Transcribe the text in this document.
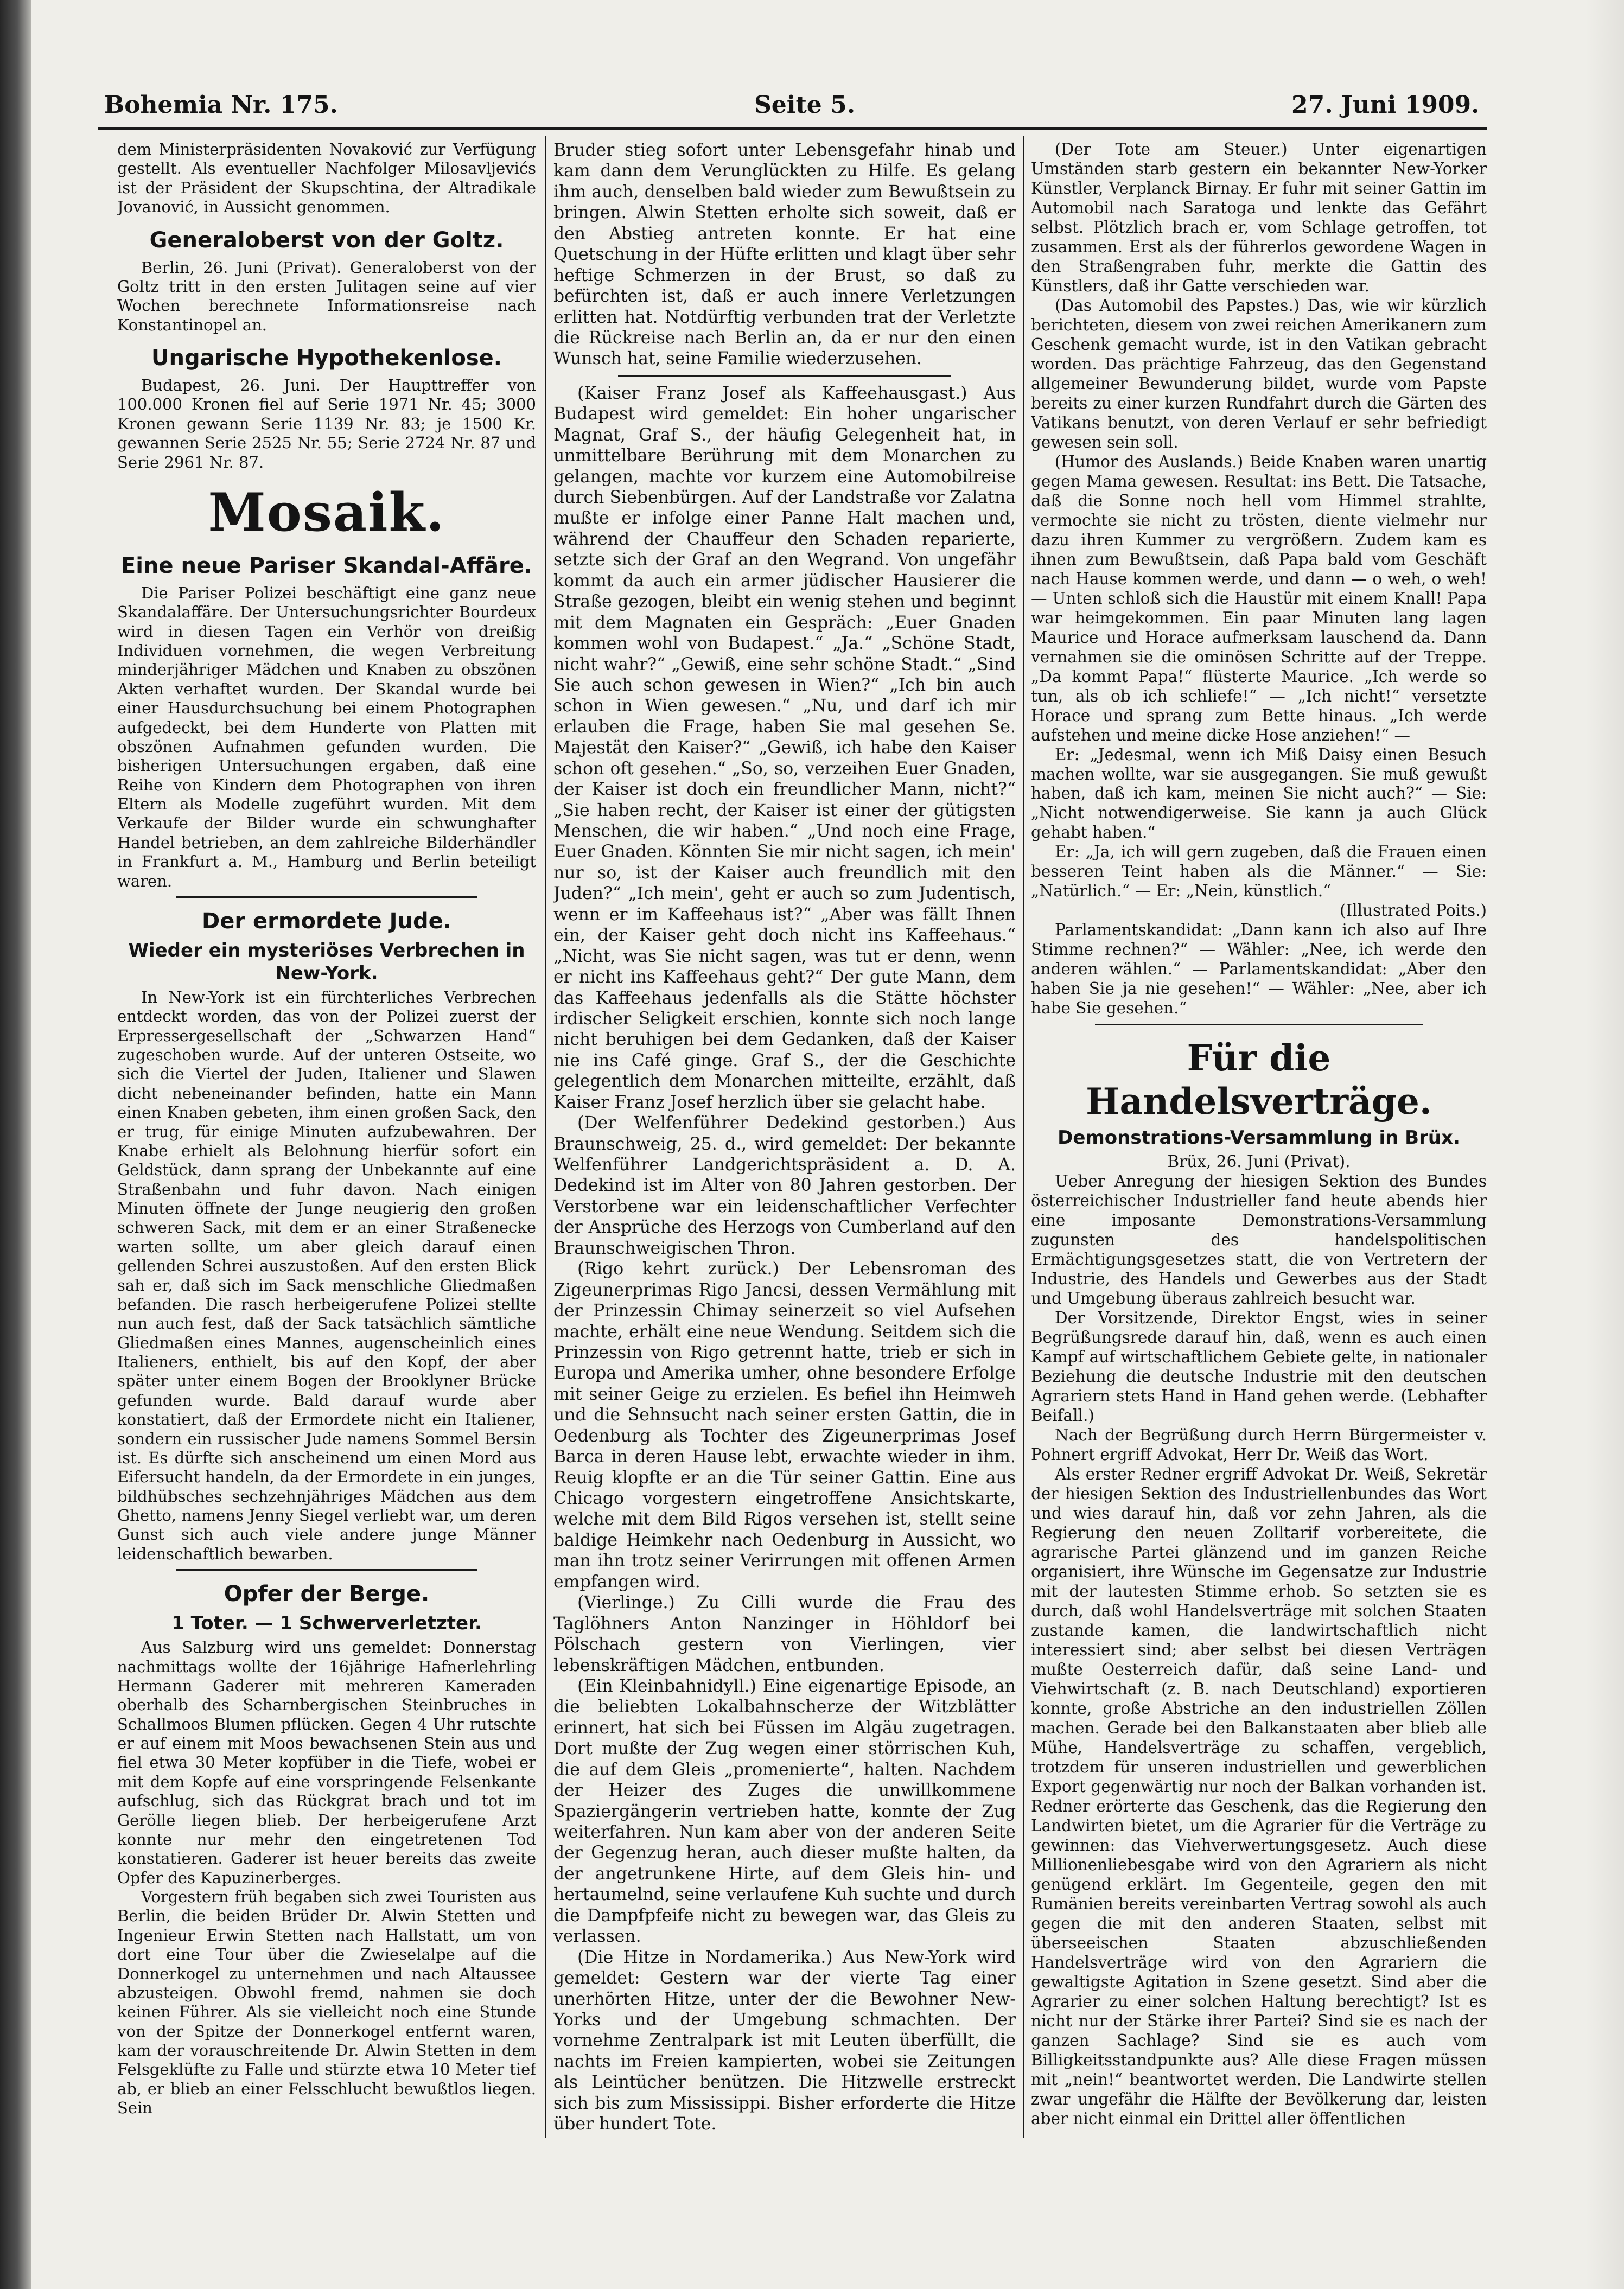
Bohemia Nr. 175.	Seite 5.	27. Juni 1909.

dem Ministerpräsidenten Novaković zur Verfügung gestellt. Als eventueller Nachfolger Milosavljevićs ist der Präsident der Skupschtina, der Altradikale Jovanović, in Aussicht genommen.

Generaloberst von der Goltz.

Berlin, 26. Juni (Privat). Generaloberst von der Goltz tritt in den ersten Julitagen seine auf vier Wochen berechnete Informationsreise nach Konstantinopel an.

Ungarische Hypothekenlose.

Budapest, 26. Juni. Der Haupttreffer von 100.000 Kronen fiel auf Serie 1971 Nr. 45; 3000 Kronen gewann Serie 1139 Nr. 83; je 1500 Kr. gewannen Serie 2525 Nr. 55; Serie 2724 Nr. 87 und Serie 2961 Nr. 87.

Mosaik.
Eine neue Pariser Skandal-Affäre.

Die Pariser Polizei beschäftigt eine ganz neue Skandalaffäre. Der Untersuchungsrichter Bourdeux wird in diesen Tagen ein Verhör von dreißig Individuen vornehmen, die wegen Verbreitung minderjähriger Mädchen und Knaben zu obszönen Akten verhaftet wurden. Der Skandal wurde bei einer Hausdurchsuchung bei einem Photographen aufgedeckt, bei dem Hunderte von Platten mit obszönen Aufnahmen gefunden wurden. Die bisherigen Untersuchungen ergaben, daß eine Reihe von Kindern dem Photographen von ihren Eltern als Modelle zugeführt wurden. Mit dem Verkaufe der Bilder wurde ein schwunghafter Handel betrieben, an dem zahlreiche Bilderhändler in Frankfurt a. M., Hamburg und Berlin beteiligt waren.

Der ermordete Jude.
Wieder ein mysteriöses Verbrechen in New-York.

In New-York ist ein fürchterliches Verbrechen entdeckt worden, das von der Polizei zuerst der Erpressergesellschaft der „Schwarzen Hand“ zugeschoben wurde. Auf der unteren Ostseite, wo sich die Viertel der Juden, Italiener und Slawen dicht nebeneinander befinden, hatte ein Mann einen Knaben gebeten, ihm einen großen Sack, den er trug, für einige Minuten aufzubewahren. Der Knabe erhielt als Belohnung hierfür sofort ein Geldstück, dann sprang der Unbekannte auf eine Straßenbahn und fuhr davon. Nach einigen Minuten öffnete der Junge neugierig den großen schweren Sack, mit dem er an einer Straßenecke warten sollte, um aber gleich darauf einen gellenden Schrei auszustoßen. Auf den ersten Blick sah er, daß sich im Sack menschliche Gliedmaßen befanden. Die rasch herbeigerufene Polizei stellte nun auch fest, daß der Sack tatsächlich sämtliche Gliedmaßen eines Mannes, augenscheinlich eines Italieners, enthielt, bis auf den Kopf, der aber später unter einem Bogen der Brooklyner Brücke gefunden wurde. Bald darauf wurde aber konstatiert, daß der Ermordete nicht ein Italiener, sondern ein russischer Jude namens Sommel Bersin ist. Es dürfte sich anscheinend um einen Mord aus Eifersucht handeln, da der Ermordete in ein junges, bildhübsches sechzehnjähriges Mädchen aus dem Ghetto, namens Jenny Siegel verliebt war, um deren Gunst sich auch viele andere junge Männer leidenschaftlich bewarben.

Opfer der Berge.
1 Toter. — 1 Schwerverletzter.

Aus Salzburg wird uns gemeldet: Donnerstag nachmittags wollte der 16jährige Hafnerlehrling Hermann Gaderer mit mehreren Kameraden oberhalb des Scharnbergischen Steinbruches in Schallmoos Blumen pflücken. Gegen 4 Uhr rutschte er auf einem mit Moos bewachsenen Stein aus und fiel etwa 30 Meter kopfüber in die Tiefe, wobei er mit dem Kopfe auf eine vorspringende Felsenkante aufschlug, sich das Rückgrat brach und tot im Gerölle liegen blieb. Der herbeigerufene Arzt konnte nur mehr den eingetretenen Tod konstatieren. Gaderer ist heuer bereits das zweite Opfer des Kapuzinerberges.

Vorgestern früh begaben sich zwei Touristen aus Berlin, die beiden Brüder Dr. Alwin Stetten und Ingenieur Erwin Stetten nach Hallstatt, um von dort eine Tour über die Zwieselalpe auf die Donnerkogel zu unternehmen und nach Altaussee abzusteigen. Obwohl fremd, nahmen sie doch keinen Führer. Als sie vielleicht noch eine Stunde von der Spitze der Donnerkogel entfernt waren, kam der vorauschreitende Dr. Alwin Stetten in dem Felsgeklüfte zu Falle und stürzte etwa 10 Meter tief ab, er blieb an einer Felsschlucht bewußtlos liegen. Sein

Bruder stieg sofort unter Lebensgefahr hinab und kam dann dem Verunglückten zu Hilfe. Es gelang ihm auch, denselben bald wieder zum Bewußtsein zu bringen. Alwin Stetten erholte sich soweit, daß er den Abstieg antreten konnte. Er hat eine Quetschung in der Hüfte erlitten und klagt über sehr heftige Schmerzen in der Brust, so daß zu befürchten ist, daß er auch innere Verletzungen erlitten hat. Notdürftig verbunden trat der Verletzte die Rückreise nach Berlin an, da er nur den einen Wunsch hat, seine Familie wiederzusehen.

(Kaiser Franz Josef als Kaffeehausgast.) Aus Budapest wird gemeldet: Ein hoher ungarischer Magnat, Graf S., der häufig Gelegenheit hat, in unmittelbare Berührung mit dem Monarchen zu gelangen, machte vor kurzem eine Automobilreise durch Siebenbürgen. Auf der Landstraße vor Zalatna mußte er infolge einer Panne Halt machen und, während der Chauffeur den Schaden reparierte, setzte sich der Graf an den Wegrand. Von ungefähr kommt da auch ein armer jüdischer Hausierer die Straße gezogen, bleibt ein wenig stehen und beginnt mit dem Magnaten ein Gespräch: „Euer Gnaden kommen wohl von Budapest.“ „Ja.“ „Schöne Stadt, nicht wahr?“ „Gewiß, eine sehr schöne Stadt.“ „Sind Sie auch schon gewesen in Wien?“ „Ich bin auch schon in Wien gewesen.“ „Nu, und darf ich mir erlauben die Frage, haben Sie mal gesehen Se. Majestät den Kaiser?“ „Gewiß, ich habe den Kaiser schon oft gesehen.“ „So, so, verzeihen Euer Gnaden, der Kaiser ist doch ein freundlicher Mann, nicht?“ „Sie haben recht, der Kaiser ist einer der gütigsten Menschen, die wir haben.“ „Und noch eine Frage, Euer Gnaden. Könnten Sie mir nicht sagen, ich mein' nur so, ist der Kaiser auch freundlich mit den Juden?“ „Ich mein', geht er auch so zum Judentisch, wenn er im Kaffeehaus ist?“ „Aber was fällt Ihnen ein, der Kaiser geht doch nicht ins Kaffeehaus.“ „Nicht, was Sie nicht sagen, was tut er denn, wenn er nicht ins Kaffeehaus geht?“ Der gute Mann, dem das Kaffeehaus jedenfalls als die Stätte höchster irdischer Seligkeit erschien, konnte sich noch lange nicht beruhigen bei dem Gedanken, daß der Kaiser nie ins Café ginge. Graf S., der die Geschichte gelegentlich dem Monarchen mitteilte, erzählt, daß Kaiser Franz Josef herzlich über sie gelacht habe.

(Der Welfenführer Dedekind gestorben.) Aus Braunschweig, 25. d., wird gemeldet: Der bekannte Welfenführer Landgerichtspräsident a. D. A. Dedekind ist im Alter von 80 Jahren gestorben. Der Verstorbene war ein leidenschaftlicher Verfechter der Ansprüche des Herzogs von Cumberland auf den Braunschweigischen Thron.

(Rigo kehrt zurück.) Der Lebensroman des Zigeunerprimas Rigo Jancsi, dessen Vermählung mit der Prinzessin Chimay seinerzeit so viel Aufsehen machte, erhält eine neue Wendung. Seitdem sich die Prinzessin von Rigo getrennt hatte, trieb er sich in Europa und Amerika umher, ohne besondere Erfolge mit seiner Geige zu erzielen. Es befiel ihn Heimweh und die Sehnsucht nach seiner ersten Gattin, die in Oedenburg als Tochter des Zigeunerprimas Josef Barca in deren Hause lebt, erwachte wieder in ihm. Reuig klopfte er an die Tür seiner Gattin. Eine aus Chicago vorgestern eingetroffene Ansichtskarte, welche mit dem Bild Rigos versehen ist, stellt seine baldige Heimkehr nach Oedenburg in Aussicht, wo man ihn trotz seiner Verirrungen mit offenen Armen empfangen wird.

(Vierlinge.) Zu Cilli wurde die Frau des Taglöhners Anton Nanzinger in Höhldorf bei Pölschach gestern von Vierlingen, vier lebenskräftigen Mädchen, entbunden.

(Ein Kleinbahnidyll.) Eine eigenartige Episode, an die beliebten Lokalbahnscherze der Witzblätter erinnert, hat sich bei Füssen im Algäu zugetragen. Dort mußte der Zug wegen einer störrischen Kuh, die auf dem Gleis „promenierte“, halten. Nachdem der Heizer des Zuges die unwillkommene Spaziergängerin vertrieben hatte, konnte der Zug weiterfahren. Nun kam aber von der anderen Seite der Gegenzug heran, auch dieser mußte halten, da der angetrunkene Hirte, auf dem Gleis hin- und hertaumelnd, seine verlaufene Kuh suchte und durch die Dampfpfeife nicht zu bewegen war, das Gleis zu verlassen.

(Die Hitze in Nordamerika.) Aus New-York wird gemeldet: Gestern war der vierte Tag einer unerhörten Hitze, unter der die Bewohner New-Yorks und der Umgebung schmachten. Der vornehme Zentralpark ist mit Leuten überfüllt, die nachts im Freien kampierten, wobei sie Zeitungen als Leintücher benützen. Die Hitzwelle erstreckt sich bis zum Mississippi. Bisher erforderte die Hitze über hundert Tote.

(Der Tote am Steuer.) Unter eigenartigen Umständen starb gestern ein bekannter New-Yorker Künstler, Verplanck Birnay. Er fuhr mit seiner Gattin im Automobil nach Saratoga und lenkte das Gefährt selbst. Plötzlich brach er, vom Schlage getroffen, tot zusammen. Erst als der führerlos gewordene Wagen in den Straßengraben fuhr, merkte die Gattin des Künstlers, daß ihr Gatte verschieden war.

(Das Automobil des Papstes.) Das, wie wir kürzlich berichteten, diesem von zwei reichen Amerikanern zum Geschenk gemacht wurde, ist in den Vatikan gebracht worden. Das prächtige Fahrzeug, das den Gegenstand allgemeiner Bewunderung bildet, wurde vom Papste bereits zu einer kurzen Rundfahrt durch die Gärten des Vatikans benutzt, von deren Verlauf er sehr befriedigt gewesen sein soll.

(Humor des Auslands.) Beide Knaben waren unartig gegen Mama gewesen. Resultat: ins Bett. Die Tatsache, daß die Sonne noch hell vom Himmel strahlte, vermochte sie nicht zu trösten, diente vielmehr nur dazu ihren Kummer zu vergrößern. Zudem kam es ihnen zum Bewußtsein, daß Papa bald vom Geschäft nach Hause kommen werde, und dann — o weh, o weh! — Unten schloß sich die Haustür mit einem Knall! Papa war heimgekommen. Ein paar Minuten lang lagen Maurice und Horace aufmerksam lauschend da. Dann vernahmen sie die ominösen Schritte auf der Treppe. „Da kommt Papa!“ flüsterte Maurice. „Ich werde so tun, als ob ich schliefe!“ — „Ich nicht!“ versetzte Horace und sprang zum Bette hinaus. „Ich werde aufstehen und meine dicke Hose anziehen!“ —

Er: „Jedesmal, wenn ich Miß Daisy einen Besuch machen wollte, war sie ausgegangen. Sie muß gewußt haben, daß ich kam, meinen Sie nicht auch?“ — Sie: „Nicht notwendigerweise. Sie kann ja auch Glück gehabt haben.“

Er: „Ja, ich will gern zugeben, daß die Frauen einen besseren Teint haben als die Männer.“ — Sie: „Natürlich.“ — Er: „Nein, künstlich.“

(Illustrated Poits.)

Parlamentskandidat: „Dann kann ich also auf Ihre Stimme rechnen?“ — Wähler: „Nee, ich werde den anderen wählen.“ — Parlamentskandidat: „Aber den haben Sie ja nie gesehen!“ — Wähler: „Nee, aber ich habe Sie gesehen.“

Für die Handelsverträge.
Demonstrations-Versammlung in Brüx.

Brüx, 26. Juni (Privat).

Ueber Anregung der hiesigen Sektion des Bundes österreichischer Industrieller fand heute abends hier eine imposante Demonstrations-Versammlung zugunsten des handelspolitischen Ermächtigungsgesetzes statt, die von Vertretern der Industrie, des Handels und Gewerbes aus der Stadt und Umgebung überaus zahlreich besucht war.

Der Vorsitzende, Direktor Engst, wies in seiner Begrüßungsrede darauf hin, daß, wenn es auch einen Kampf auf wirtschaftlichem Gebiete gelte, in nationaler Beziehung die deutsche Industrie mit den deutschen Agrariern stets Hand in Hand gehen werde. (Lebhafter Beifall.)

Nach der Begrüßung durch Herrn Bürgermeister v. Pohnert ergriff Advokat, Herr Dr. Weiß das Wort.

Als erster Redner ergriff Advokat Dr. Weiß, Sekretär der hiesigen Sektion des Industriellenbundes das Wort und wies darauf hin, daß vor zehn Jahren, als die Regierung den neuen Zolltarif vorbereitete, die agrarische Partei glänzend und im ganzen Reiche organisiert, ihre Wünsche im Gegensatze zur Industrie mit der lautesten Stimme erhob. So setzten sie es durch, daß wohl Handelsverträge mit solchen Staaten zustande kamen, die landwirtschaftlich nicht interessiert sind; aber selbst bei diesen Verträgen mußte Oesterreich dafür, daß seine Land- und Viehwirtschaft (z. B. nach Deutschland) exportieren konnte, große Abstriche an den industriellen Zöllen machen. Gerade bei den Balkanstaaten aber blieb alle Mühe, Handelsverträge zu schaffen, vergeblich, trotzdem für unseren industriellen und gewerblichen Export gegenwärtig nur noch der Balkan vorhanden ist. Redner erörterte das Geschenk, das die Regierung den Landwirten bietet, um die Agrarier für die Verträge zu gewinnen: das Viehverwertungsgesetz. Auch diese Millionenliebesgabe wird von den Agrariern als nicht genügend erklärt. Im Gegenteile, gegen den mit Rumänien bereits vereinbarten Vertrag sowohl als auch gegen die mit den anderen Staaten, selbst mit überseeischen Staaten abzuschließenden Handelsverträge wird von den Agrariern die gewaltigste Agitation in Szene gesetzt. Sind aber die Agrarier zu einer solchen Haltung berechtigt? Ist es nicht nur der Stärke ihrer Partei? Sind sie es nach der ganzen Sachlage? Sind sie es auch vom Billigkeitsstandpunkte aus? Alle diese Fragen müssen mit „nein!“ beantwortet werden. Die Landwirte stellen zwar ungefähr die Hälfte der Bevölkerung dar, leisten aber nicht einmal ein Drittel aller öffentlichen
